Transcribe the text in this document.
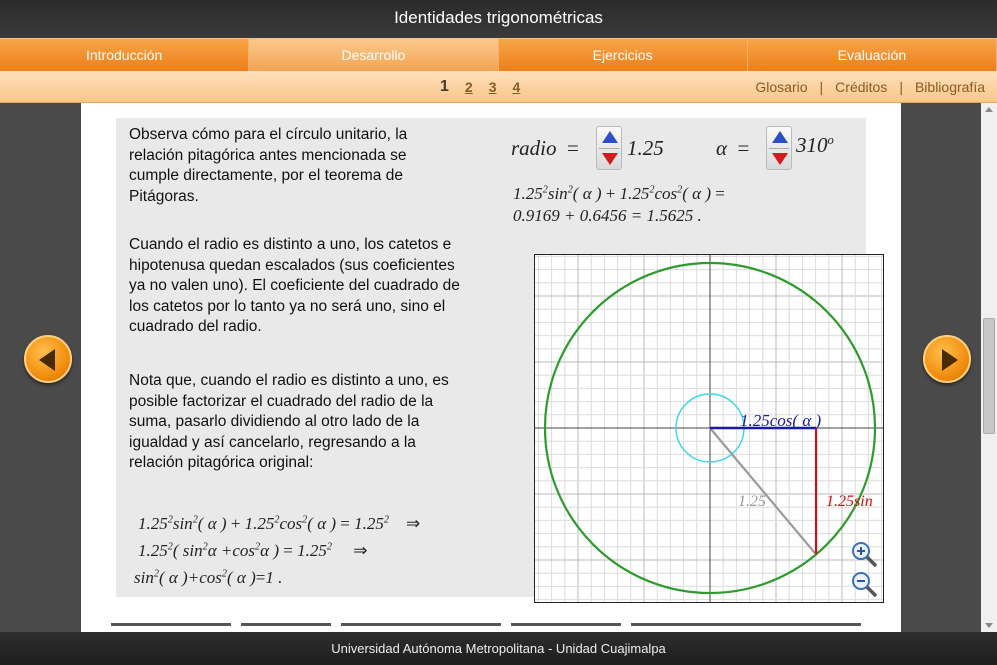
Identidades trigonométricas
Introducción	Desarrollo	Ejercicios	Evaluación
1 2 3 4	Glosario | Créditos | Bibliografía
Observa cómo para el círculo unitario, la relación pitagórica antes mencionada se cumple directamente, por el teorema de Pitágoras.
Cuando el radio es distinto a uno, los catetos e hipotenusa quedan escalados (sus coeficientes ya no valen uno). El coeficiente del cuadrado de los catetos por lo tanto ya no será uno, sino el cuadrado del radio.
Nota que, cuando el radio es distinto a uno, es posible factorizar el cuadrado del radio de la suma, pasarlo dividiendo al otro lado de la igualdad y así cancelarlo, regresando a la relación pitagórica original:
radio = 1.25 $\alpha = 310^o$
$1.25^2\sin^2$( α ) + $1.25^2\cos^2$( α ) =
0.9169 + 0.6456 = 1.5625 .
$1.25^2\sin^2$( α ) + $1.25^2\cos^2$( α ) = $1.25^2$ ⇒
1.25$^2$( $\sin^2\alpha +\cos^2\alpha$ ) = $1.25^2$ ⇒
$\sin^2$( α )$+\cos^2$( α )=1 .
1.25cos( α )
1.25sin
1.25
Universidad Autónoma Metropolitana - Unidad Cuajimalpa
